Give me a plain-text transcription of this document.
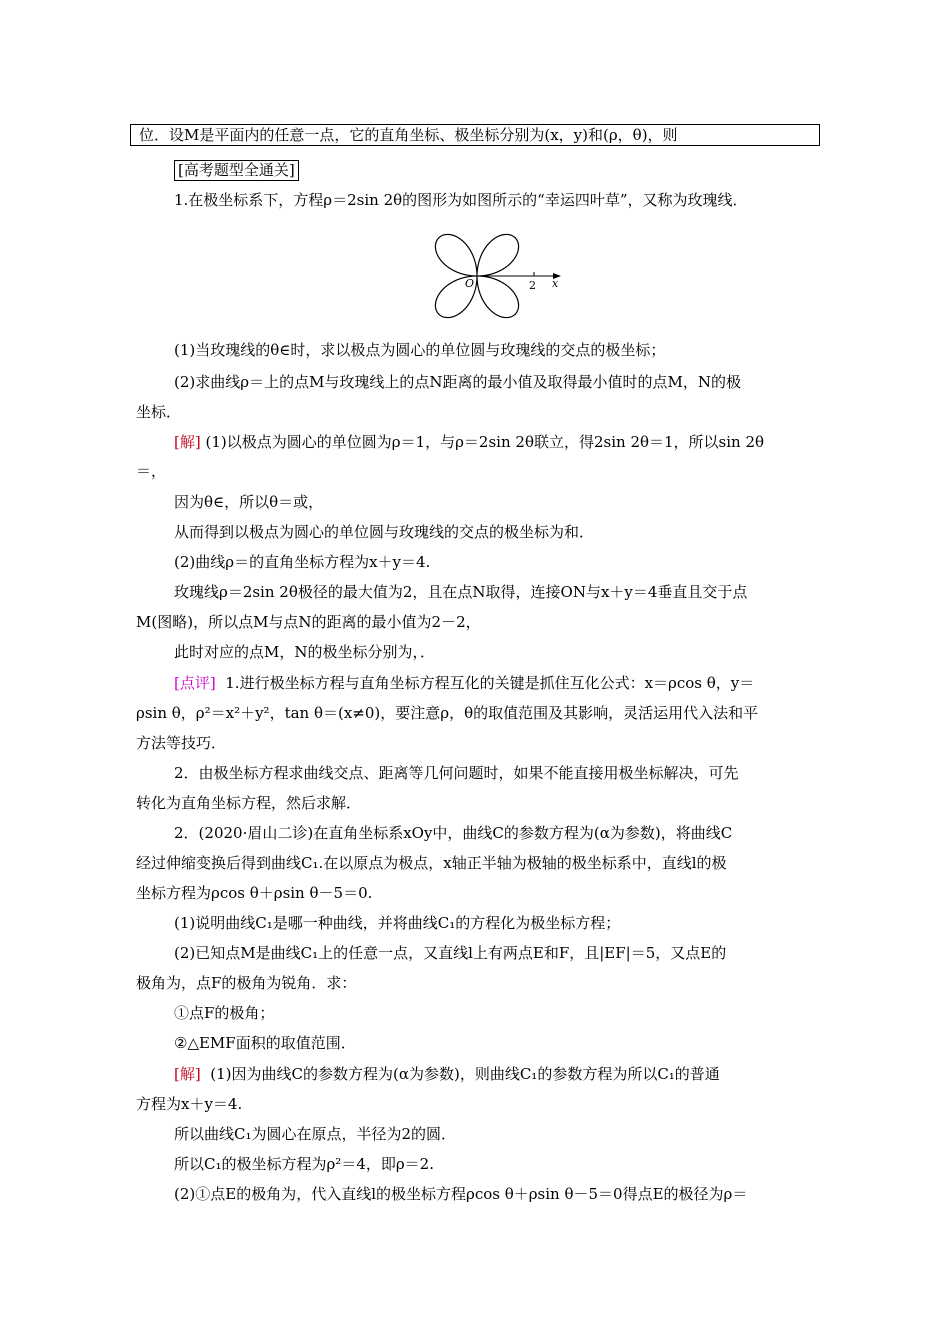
位．设M是平面内的任意一点，它的直角坐标、极坐标分别为(x，y)和(ρ，θ)，则
[高考题型全通关]
1.在极坐标系下，方程ρ＝2sin 2θ的图形为如图所示的“幸运四叶草”，又称为玫瑰线．
O	2 x
(1)当玫瑰线的θ∈时，求以极点为圆心的单位圆与玫瑰线的交点的极坐标；
(2)求曲线ρ＝上的点M与玫瑰线上的点N距离的最小值及取得最小值时的点M，N的极
坐标．
[解] (1)以极点为圆心的单位圆为ρ＝1，与ρ＝2sin 2θ联立，得2sin 2θ＝1，所以sin 2θ
＝，
因为θ∈，所以θ＝或，
从而得到以极点为圆心的单位圆与玫瑰线的交点的极坐标为和．
(2)曲线ρ＝的直角坐标方程为x＋y＝4.
玫瑰线ρ＝2sin 2θ极径的最大值为2，且在点N取得，连接ON与x＋y＝4垂直且交于点
M(图略)，所以点M与点N的距离的最小值为2－2，
此时对应的点M，N的极坐标分别为，．
[点评] 1.进行极坐标方程与直角坐标方程互化的关键是抓住互化公式：x＝ρcos θ，y＝
ρsin θ，ρ²＝x²＋y²，tan θ＝(x≠0)，要注意ρ，θ的取值范围及其影响，灵活运用代入法和平
方法等技巧．
2．由极坐标方程求曲线交点、距离等几何问题时，如果不能直接用极坐标解决，可先
转化为直角坐标方程，然后求解．
2．(2020·眉山二诊)在直角坐标系xOy中，曲线C的参数方程为(α为参数)，将曲线C
经过伸缩变换后得到曲线C₁.在以原点为极点，x轴正半轴为极轴的极坐标系中，直线l的极
坐标方程为ρcos θ＋ρsin θ－5＝0.
(1)说明曲线C₁是哪一种曲线，并将曲线C₁的方程化为极坐标方程；
(2)已知点M是曲线C₁上的任意一点，又直线l上有两点E和F，且|EF|＝5，又点E的
极角为，点F的极角为锐角．求：
①点F的极角；
②△EMF面积的取值范围．
[解] (1)因为曲线C的参数方程为(α为参数)，则曲线C₁的参数方程为所以C₁的普通
方程为x＋y＝4.
所以曲线C₁为圆心在原点，半径为2的圆．
所以C₁的极坐标方程为ρ²＝4，即ρ＝2.
(2)①点E的极角为，代入直线l的极坐标方程ρcos θ＋ρsin θ－5＝0得点E的极径为ρ＝
